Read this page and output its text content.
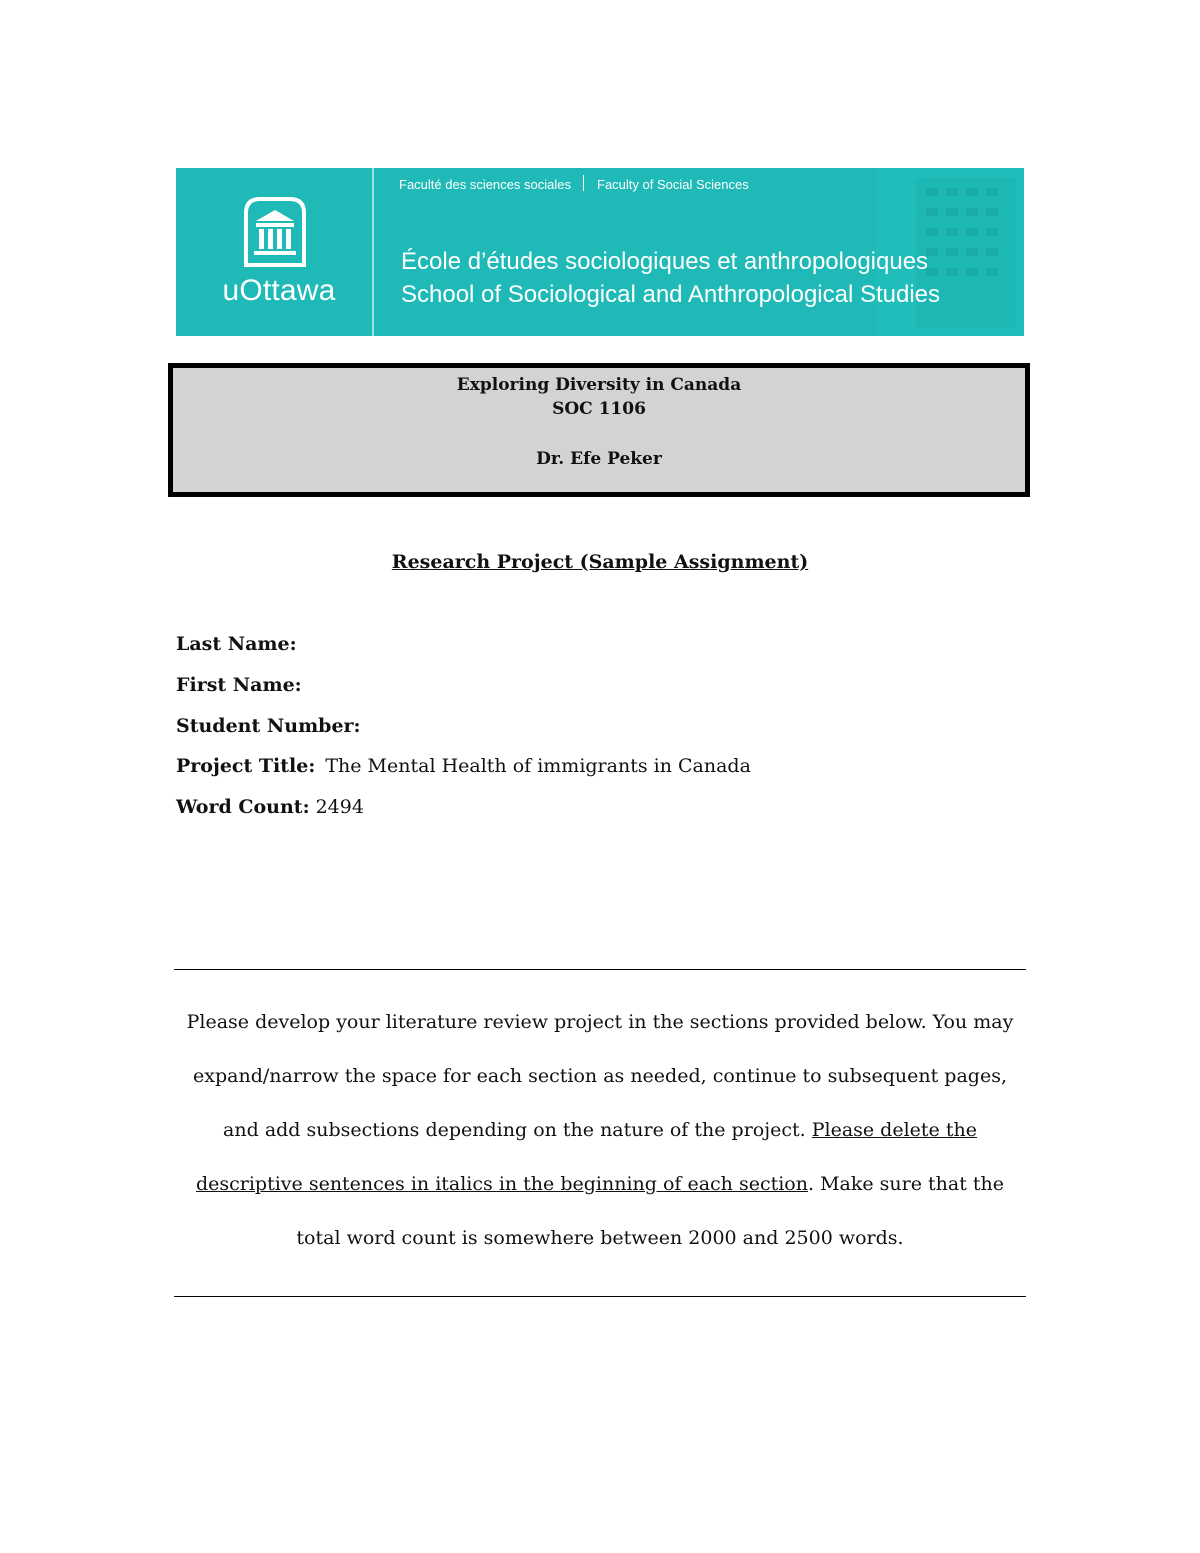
uOttawa
Faculté des sciences sociales Faculty of Social Sciences
École d’études sociologiques et anthropologiques
School of Sociological and Anthropological Studies
Exploring Diversity in Canada
SOC 1106
Dr. Efe Peker
Research Project (Sample Assignment)
Last Name:
First Name:
Student Number:
Project Title: The Mental Health of immigrants in Canada
Word Count: 2494
Please develop your literature review project in the sections provided below. You may expand/narrow the space for each section as needed, continue to subsequent pages, and add subsections depending on the nature of the project. Please delete the descriptive sentences in italics in the beginning of each section. Make sure that the total word count is somewhere between 2000 and 2500 words.
